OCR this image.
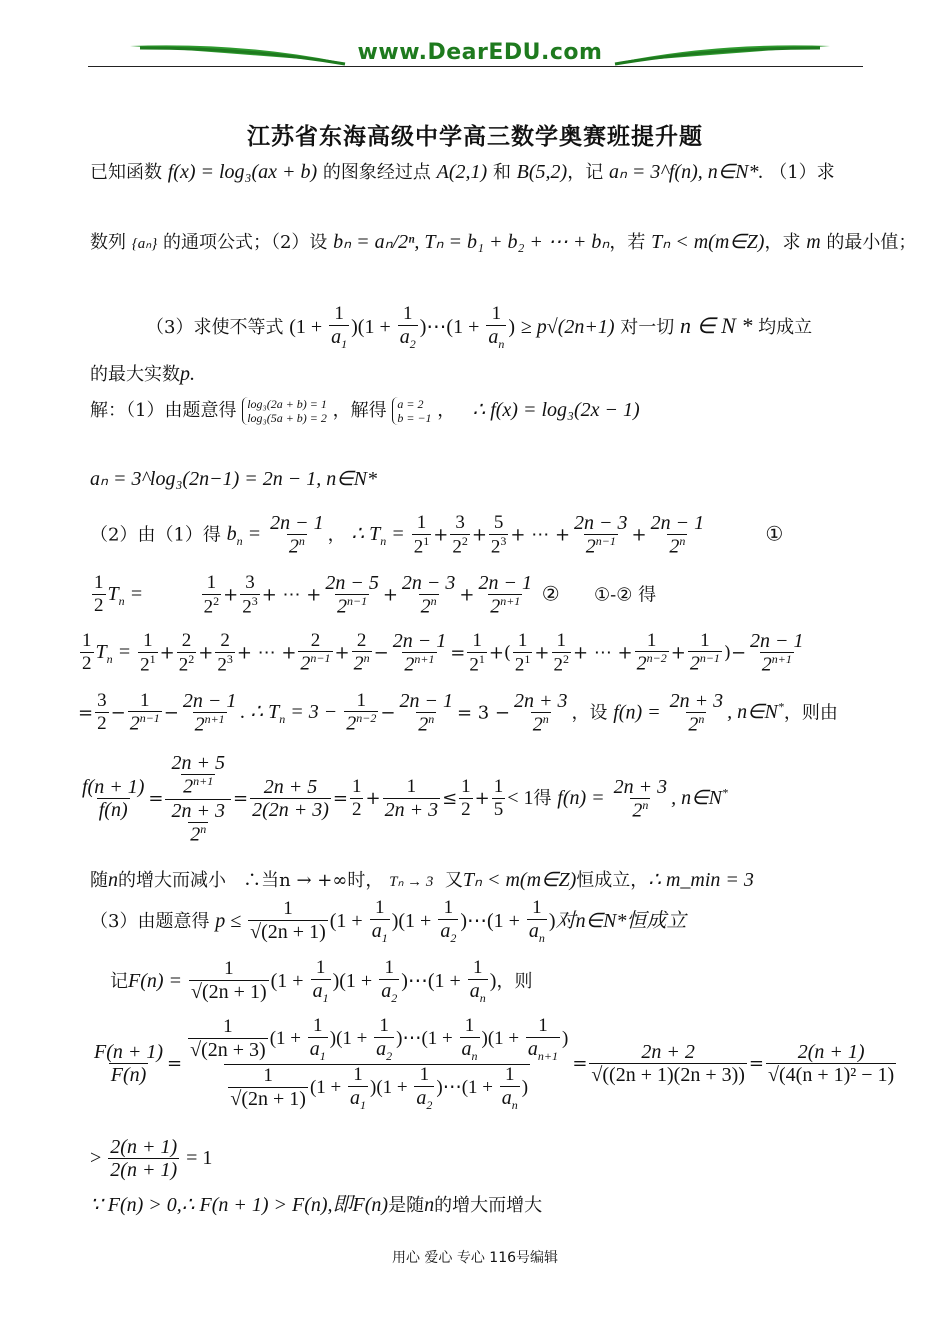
www.DearEDU.com
江苏省东海高级中学高三数学奥赛班提升题
已知函数 f(x) = log₃(ax + b) 的图象经过点 A(2,1) 和 B(5,2)，记 aₙ = 3^f(n), n∈N*. （1）求
数列 {aₙ} 的通项公式；（2）设 bₙ = aₙ/2ⁿ, Tₙ = b₁ + b₂ + ⋯ + bₙ，若 Tₙ < m(m∈Z)，求 m 的最小值；
（3）求使不等式 $(1 + \frac{1}{a_1} )(1 + \frac{1}{a_2}$ )⋯(1 + $\frac{1}{a_n}$ ) ≥ p√(2n+1) 对一切 n ∈ N * 均成立
的最大实数p.
解：（1）由题意得 log₃(2a + b) = 1
log₃(5a + b) = 2 ，解得 a = 2
b = −1 ， ∴ f(x) = log₃(2x − 1)
aₙ = 3^log₃(2n−1) = 2n − 1, n∈N*
（2）由（1）得 $b_n = \frac{2n - 1}{2^n}$ ， ∴ $T_n = \frac{1}{2^1} + \frac{3}{2^2} + \frac{5}{2^3}$ + ⋯ + $\frac{2n - 3}{2^{n-1}} + \frac{2n - 1}{2^n}$	①
$\frac{1}{2} T_n$ =	$\frac{1}{2^2} + \frac{3}{2^3}$ + ⋯ + $\frac{2n - 5}{2^{n-1}} + \frac{2n - 3}{2^n} + \frac{2n - 1}{2^{n+1}}$ ② ①-② 得
$\frac{1}{2} T_n = \frac{1}{2^1} + \frac{2}{2^2} + \frac{2}{2^3}$ + ⋯ + $\frac{2}{2^{n-1}} + \frac{2}{2^n} - \frac{2n - 1}{2^{n+1}} = \frac{1}{2^1}$ +( $\frac{1}{2^1} + \frac{1}{2^2}$ + ⋯ + $\frac{1}{2^{n-2}} + \frac{1}{2^{n-1}}$ )− $\frac{2n - 1}{2^{n+1}}$
= $\frac{3}{2} - \frac{1}{2^{n-1}} - \frac{2n - 1}{2^{n+1}}$ . ∴ $T_n = 3 - \frac{1}{2^{n-2}} - \frac{2n - 1}{2^n} = 3 - \frac{2n + 3}{2^n}$ ，设 $f(n) = \frac{2n + 3}{2^n}$ , n∈N*，则由
$\frac{f(n + 1)}{f(n)} = \frac{\frac{2n + 5}{2^{n+1}}}{\frac{2n + 3}{2^n}} = \frac{2n + 5}{2(2n + 3)} = \frac{1}{2} + \frac{1}{2n + 3} \le \frac{1}{2} + \frac{1}{5} < 1$得 $f(n) = \frac{2n + 3}{2^n}$ , n∈N*
随n的增大而减小 ∴当n → +∞时， Tₙ → 3 又Tₙ < m(m∈Z)恒成立，∴ m_min = 3
（3）由题意得 $p \le \frac{1}{√(2n + 1)} (1 + \frac{1}{a_1} )(1 + \frac{1}{a_2}$ )⋯(1 + $\frac{1}{a_n}$ )对n∈N*恒成立
记$F(n) = \frac{1}{√(2n + 1)} (1 + \frac{1}{a_1} )(1 + \frac{1}{a_2}$ )⋯(1 + $\frac{1}{a_n}$ )，则
$\frac{F(n + 1)}{F(n)} = \frac{\frac{1}{√(2n + 3)} (1 + \frac{1}{a_1} )(1 + \frac{1}{a_2} )\cdots(1 + \frac{1}{a_n} )(1 + \frac{1}{a_{n+1}} )}{\frac{1}{√(2n + 1)} (1 + \frac{1}{a_1} )(1 + \frac{1}{a_2} )\cdots(1 + \frac{1}{a_n} )} = \frac{2n + 2}{√((2n + 1)(2n + 3))} = \frac{2(n + 1)}{\text{√(4(n + 1)² − 1)}}$
> $\frac{2(n + 1)}{2(n + 1)} = 1$
∵ F(n) > 0,∴ F(n + 1) > F(n),即F(n)是随n的增大而增大
用心 爱心 专心 116号编辑
